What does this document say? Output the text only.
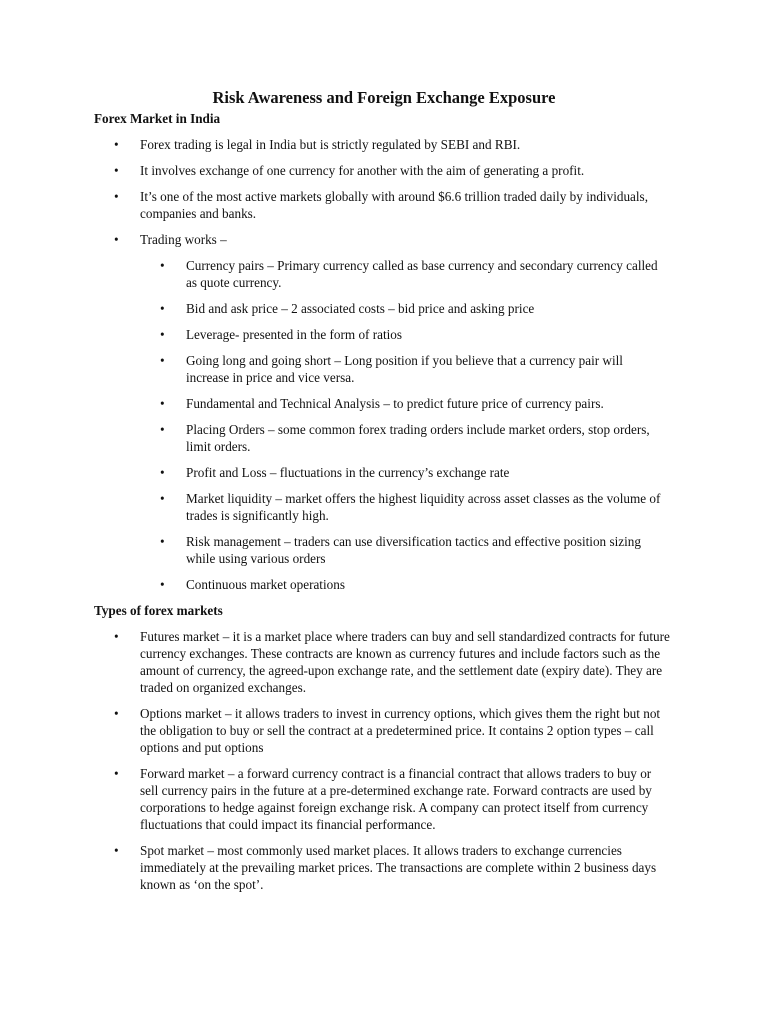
Risk Awareness and Foreign Exchange Exposure
Forex Market in India
• Forex trading is legal in India but is strictly regulated by SEBI and RBI.
• It involves exchange of one currency for another with the aim of generating a profit.
• It’s one of the most active markets globally with around $6.6 trillion traded daily by individuals, companies and banks.
• Trading works –
• Currency pairs – Primary currency called as base currency and secondary currency called as quote currency.
• Bid and ask price – 2 associated costs – bid price and asking price
• Leverage- presented in the form of ratios
• Going long and going short – Long position if you believe that a currency pair will increase in price and vice versa.
• Fundamental and Technical Analysis – to predict future price of currency pairs.
• Placing Orders – some common forex trading orders include market orders, stop orders, limit orders.
• Profit and Loss – fluctuations in the currency’s exchange rate
• Market liquidity – market offers the highest liquidity across asset classes as the volume of trades is significantly high.
• Risk management – traders can use diversification tactics and effective position sizing while using various orders
• Continuous market operations
Types of forex markets
• Futures market – it is a market place where traders can buy and sell standardized contracts for future currency exchanges. These contracts are known as currency futures and include factors such as the amount of currency, the agreed-upon exchange rate, and the settlement date (expiry date). They are traded on organized exchanges.
• Options market – it allows traders to invest in currency options, which gives them the right but not the obligation to buy or sell the contract at a predetermined price. It contains 2 option types – call options and put options
• Forward market – a forward currency contract is a financial contract that allows traders to buy or sell currency pairs in the future at a pre-determined exchange rate. Forward contracts are used by corporations to hedge against foreign exchange risk. A company can protect itself from currency fluctuations that could impact its financial performance.
• Spot market – most commonly used market places. It allows traders to exchange currencies immediately at the prevailing market prices. The transactions are complete within 2 business days known as ‘on the spot’.
